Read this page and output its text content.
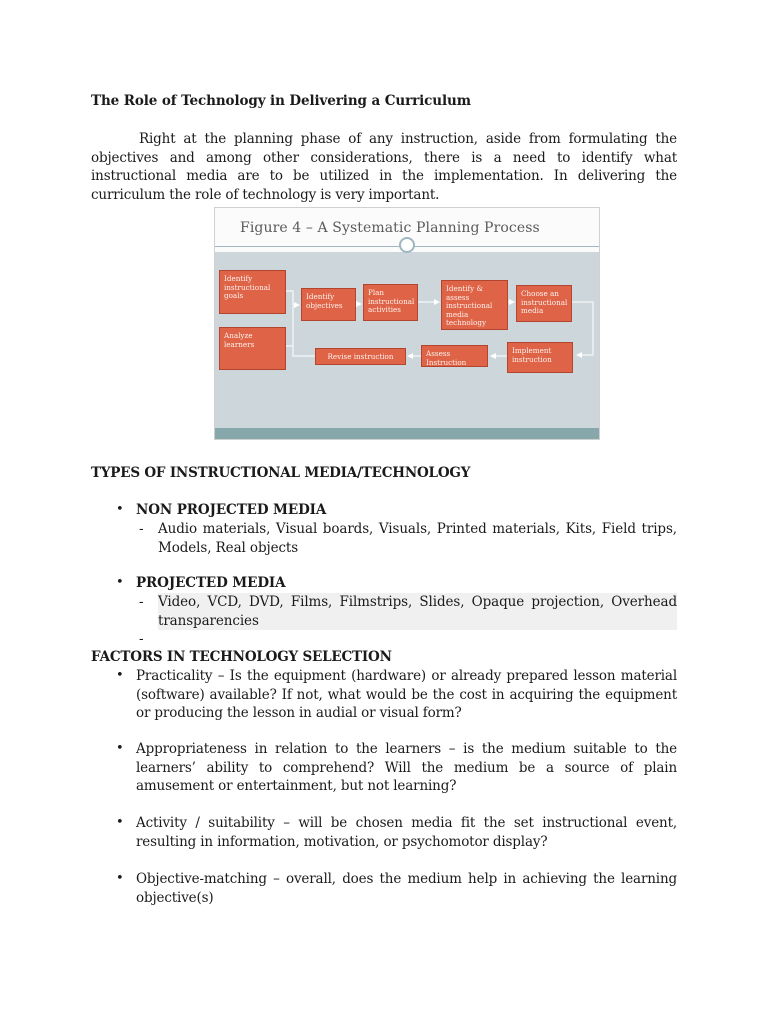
The Role of Technology in Delivering a Curriculum
Right at the planning phase of any instruction, aside from formulating the objectives and among other considerations, there is a need to identify what instructional media are to be utilized in the implementation. In delivering the curriculum the role of technology is very important.
Figure 4 – A Systematic Planning Process
Identify instructional goals
Analyze learners
Identify objectives
Plan instructional activities
Identify & assess instructional media technology
Choose an instructional media
Implement instruction
Assess Instruction
Revise instruction
TYPES OF INSTRUCTIONAL MEDIA/TECHNOLOGY
• NON PROJECTED MEDIA
- Audio materials, Visual boards, Visuals, Printed materials, Kits, Field trips, Models, Real objects
• PROJECTED MEDIA
- Video, VCD, DVD, Films, Filmstrips, Slides, Opaque projection, Overhead transparencies
-
FACTORS IN TECHNOLOGY SELECTION
• Practicality – Is the equipment (hardware) or already prepared lesson material (software) available? If not, what would be the cost in acquiring the equipment or producing the lesson in audial or visual form?
• Appropriateness in relation to the learners – is the medium suitable to the learners’ ability to comprehend? Will the medium be a source of plain amusement or entertainment, but not learning?
• Activity / suitability – will be chosen media fit the set instructional event, resulting in information, motivation, or psychomotor display?
• Objective-matching – overall, does the medium help in achieving the learning objective(s)
